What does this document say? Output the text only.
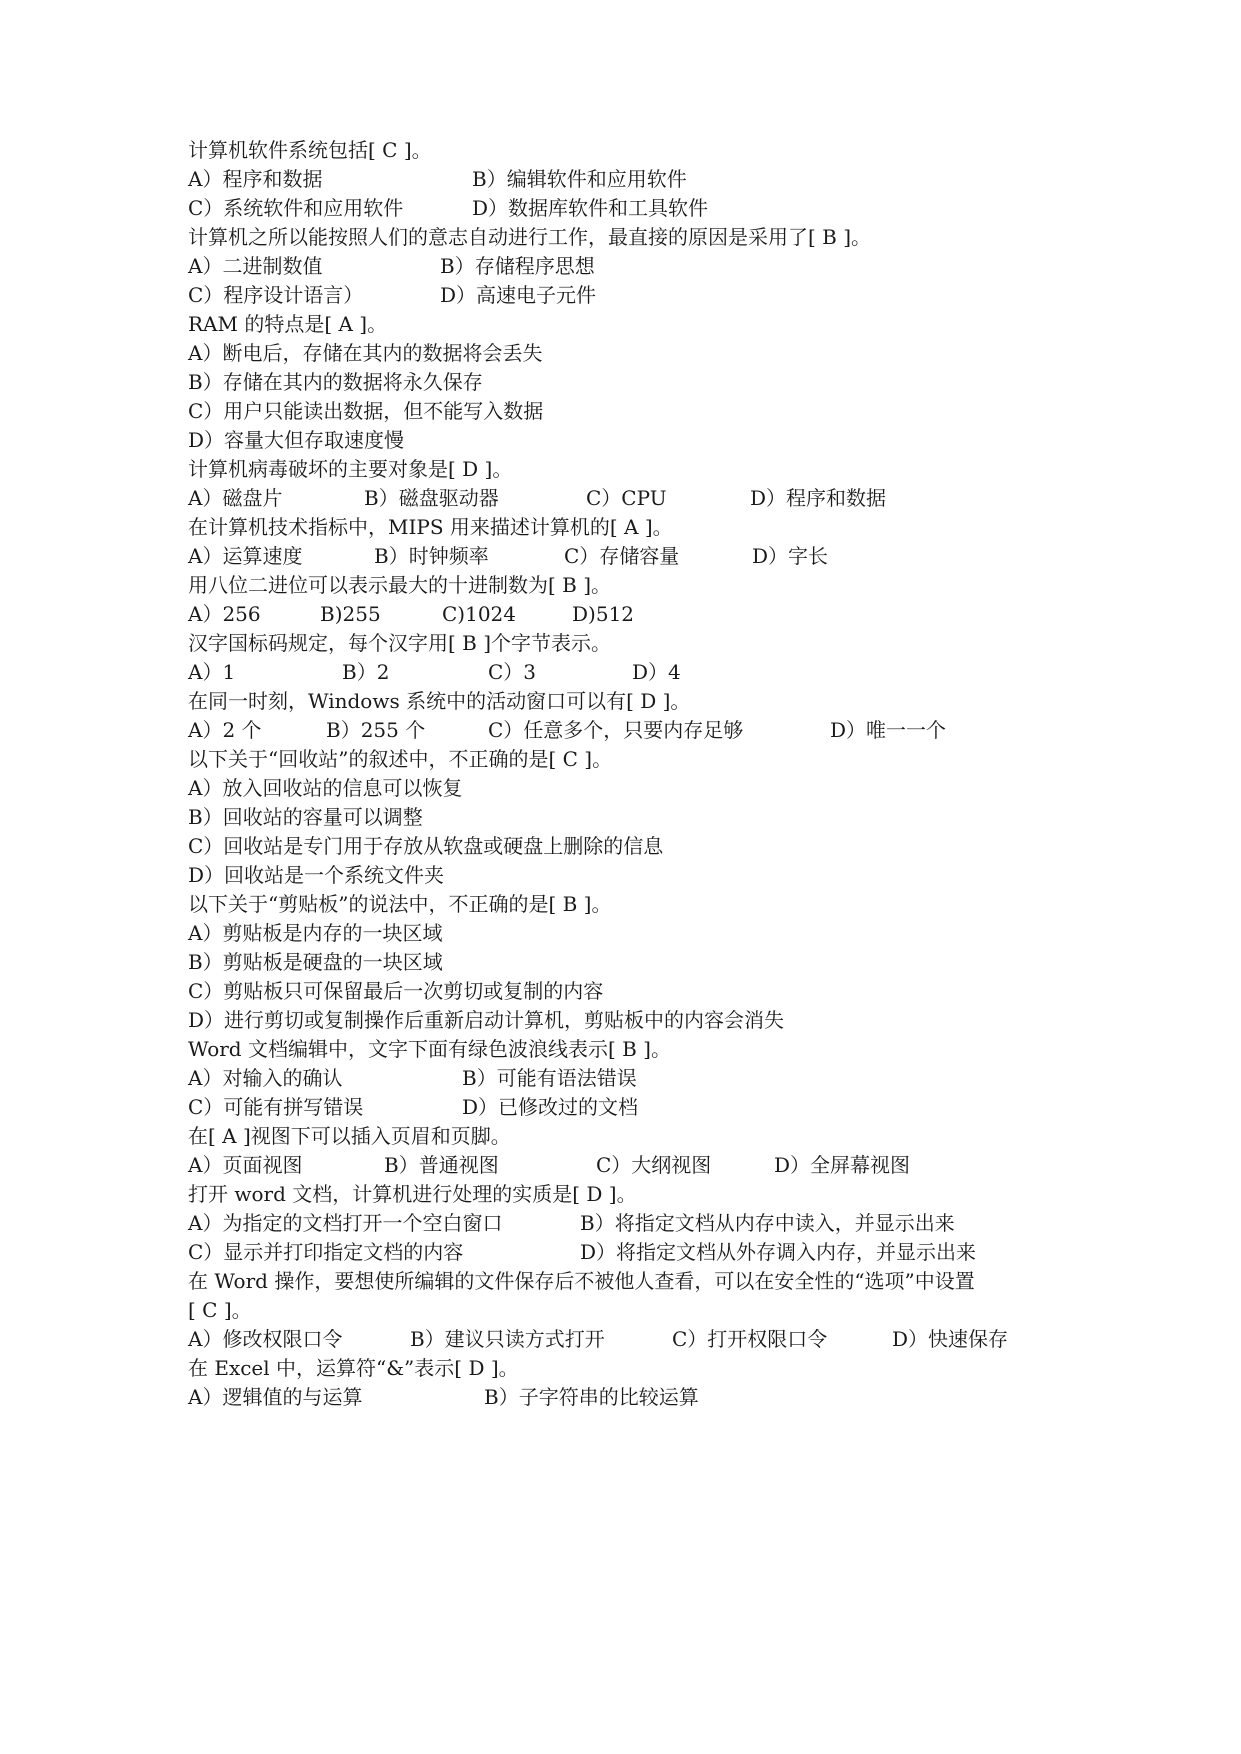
计算机软件系统包括[ C ]。
A）程序和数据	B）编辑软件和应用软件
C）系统软件和应用软件	D）数据库软件和工具软件
计算机之所以能按照人们的意志自动进行工作，最直接的原因是采用了[ B ]。
A）二进制数值	B）存储程序思想
C）程序设计语言）	D）高速电子元件
RAM 的特点是[ A ]。
A）断电后，存储在其内的数据将会丢失
B）存储在其内的数据将永久保存
C）用户只能读出数据，但不能写入数据
D）容量大但存取速度慢
计算机病毒破坏的主要对象是[ D ]。
A）磁盘片	B）磁盘驱动器	C）CPU	D）程序和数据
在计算机技术指标中，MIPS 用来描述计算机的[ A ]。
A）运算速度	B）时钟频率	C）存储容量	D）字长
用八位二进位可以表示最大的十进制数为[ B ]。
A）256	B)255	C)1024	D)512
汉字国标码规定，每个汉字用[ B ]个字节表示。
A）1	B）2	C）3	D）4
在同一时刻，Windows 系统中的活动窗口可以有[ D ]。
A）2 个	B）255 个	C）任意多个，只要内存足够	D）唯一一个
以下关于“回收站”的叙述中，不正确的是[ C ]。
A）放入回收站的信息可以恢复
B）回收站的容量可以调整
C）回收站是专门用于存放从软盘或硬盘上删除的信息
D）回收站是一个系统文件夹
以下关于“剪贴板”的说法中，不正确的是[ B ]。
A）剪贴板是内存的一块区域
B）剪贴板是硬盘的一块区域
C）剪贴板只可保留最后一次剪切或复制的内容
D）进行剪切或复制操作后重新启动计算机，剪贴板中的内容会消失
Word 文档编辑中，文字下面有绿色波浪线表示[ B ]。
A）对输入的确认	B）可能有语法错误
C）可能有拼写错误	D）已修改过的文档
在[ A ]视图下可以插入页眉和页脚。
A）页面视图	B）普通视图	C）大纲视图	D）全屏幕视图
打开 word 文档，计算机进行处理的实质是[ D ]。
A）为指定的文档打开一个空白窗口	B）将指定文档从内存中读入，并显示出来
C）显示并打印指定文档的内容	D）将指定文档从外存调入内存，并显示出来
在 Word 操作，要想使所编辑的文件保存后不被他人查看，可以在安全性的“选项”中设置
[ C ]。
A）修改权限口令	B）建议只读方式打开	C）打开权限口令	D）快速保存
在 Excel 中，运算符“&”表示[ D ]。
A）逻辑值的与运算	B）子字符串的比较运算
